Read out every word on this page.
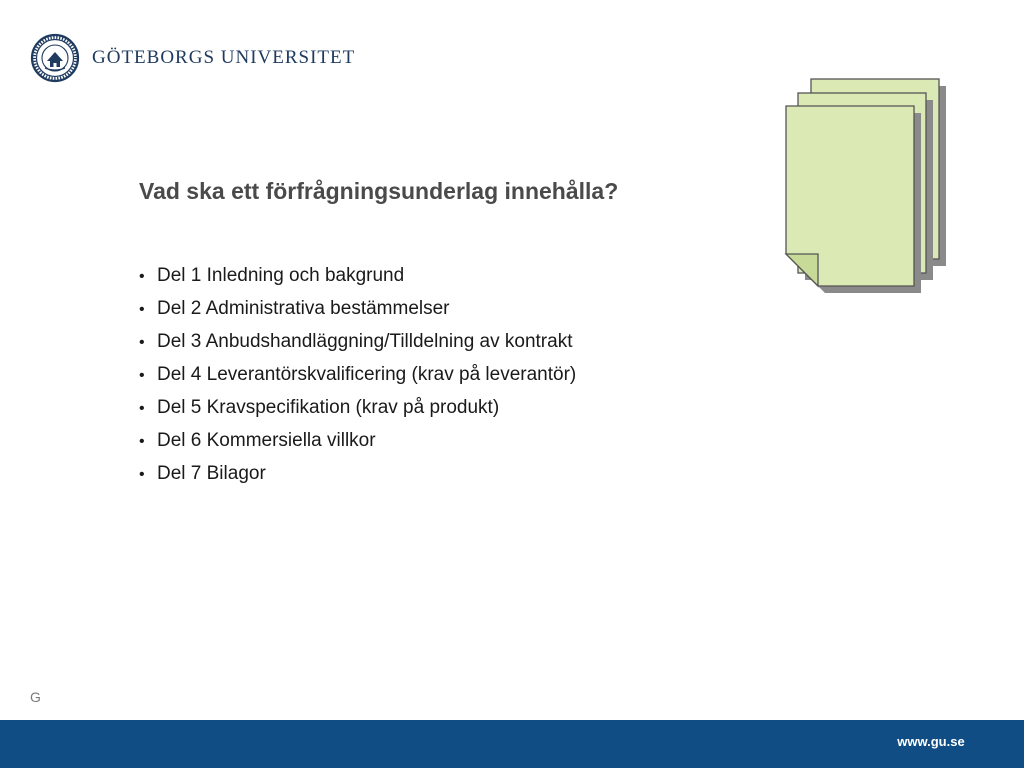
GÖTEBORGS UNIVERSITET
Vad ska ett förfrågningsunderlag innehålla?
• Del 1 Inledning och bakgrund
• Del 2 Administrativa bestämmelser
• Del 3 Anbudshandläggning/Tilldelning av kontrakt
• Del 4 Leverantörskvalificering (krav på leverantör)
• Del 5 Kravspecifikation (krav på produkt)
• Del 6 Kommersiella villkor
• Del 7 Bilagor
G
www.gu.se
